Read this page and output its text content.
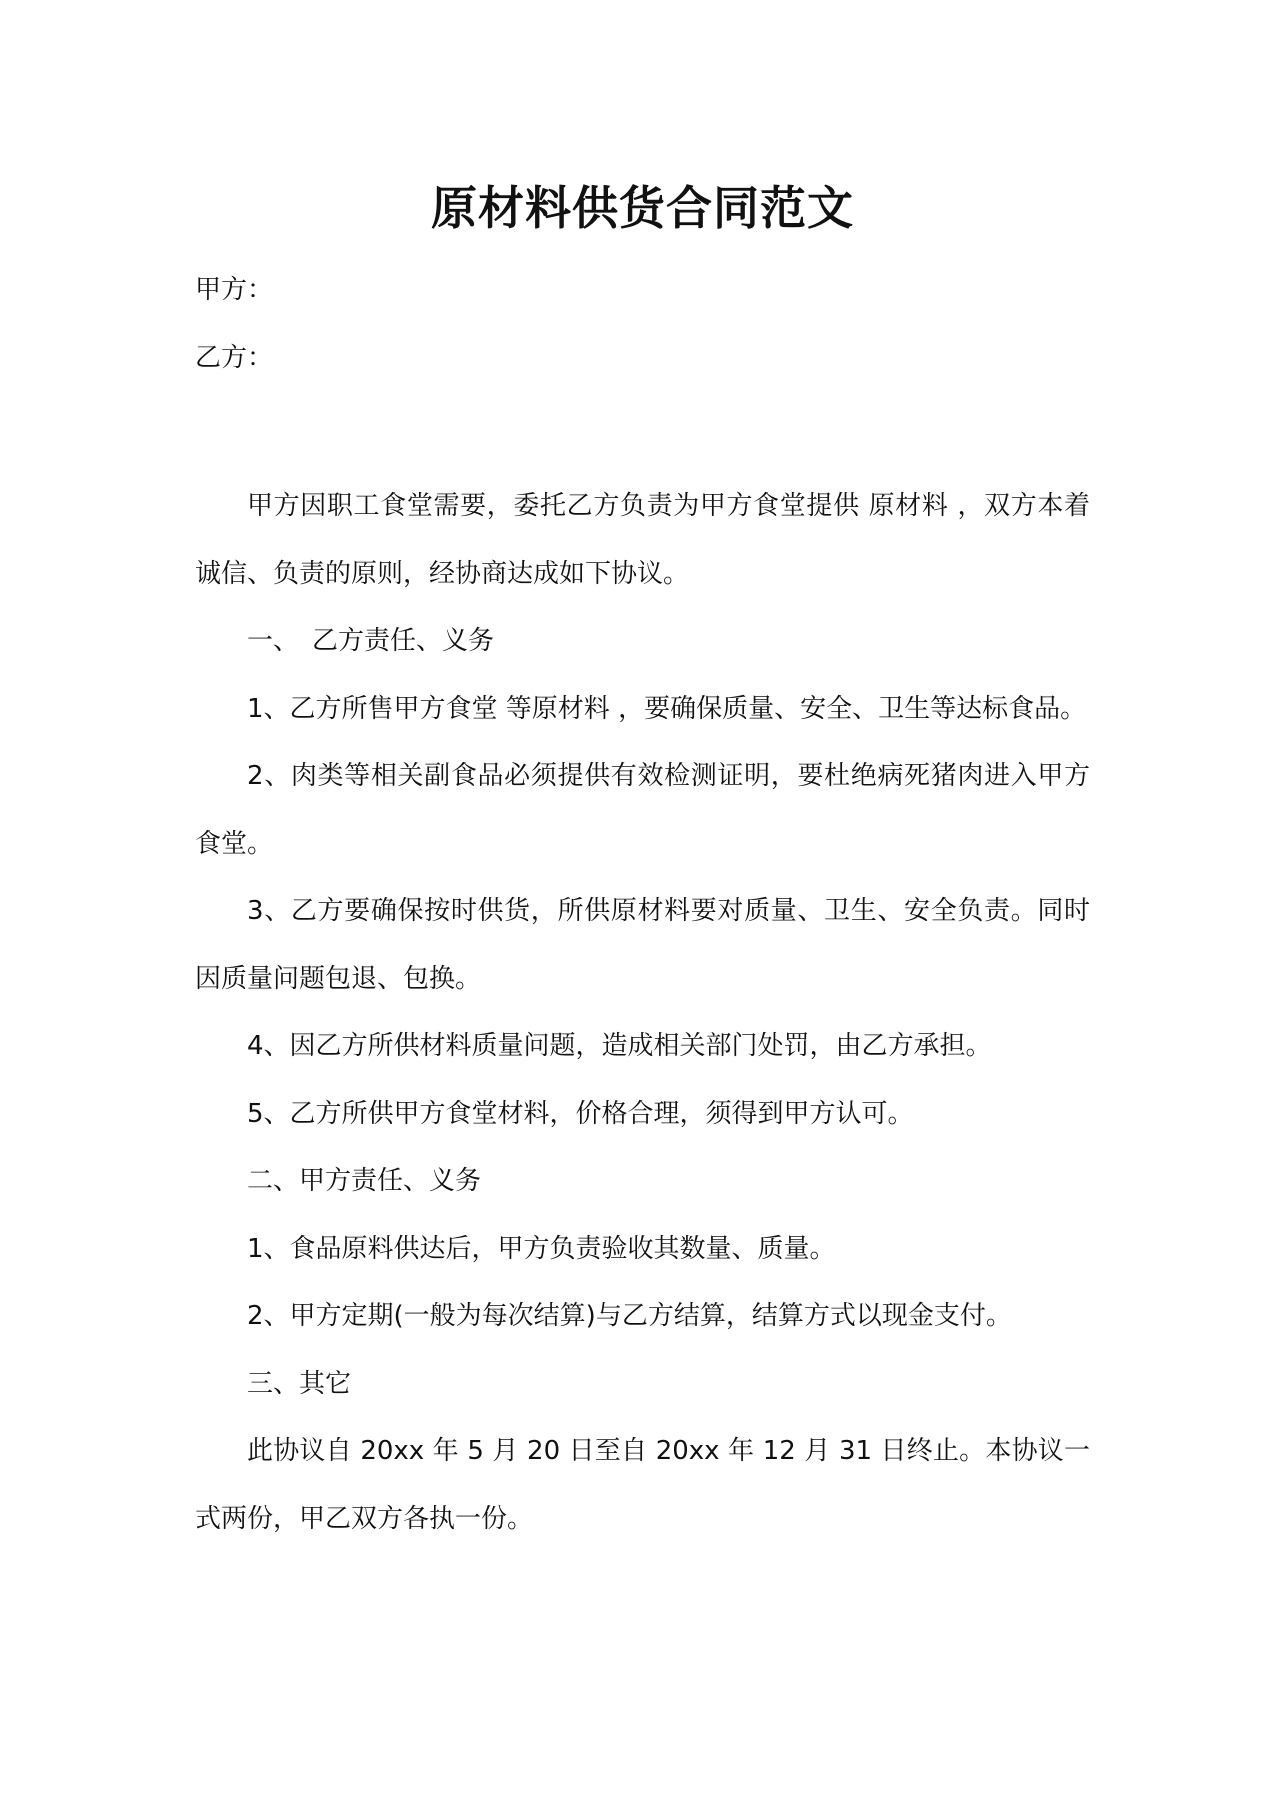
原材料供货合同范文

甲方：

乙方：

甲方因职工食堂需要，委托乙方负责为甲方食堂提供 原材料 ，双方本着诚信、负责的原则，经协商达成如下协议。

一、　乙方责任、义务

1、乙方所售甲方食堂 等原材料 ，要确保质量、安全、卫生等达标食品。

2、肉类等相关副食品必须提供有效检测证明，要杜绝病死猪肉进入甲方食堂。

3、乙方要确保按时供货，所供原材料要对质量、卫生、安全负责。同时因质量问题包退、包换。

4、因乙方所供材料质量问题，造成相关部门处罚，由乙方承担。

5、乙方所供甲方食堂材料，价格合理，须得到甲方认可。

二、甲方责任、义务

1、食品原料供达后，甲方负责验收其数量、质量。

2、甲方定期(一般为每次结算)与乙方结算，结算方式以现金支付。

三、其它

此协议自 20xx 年 5 月 20 日至自 20xx 年 12 月 31 日终止。本协议一式两份，甲乙双方各执一份。
